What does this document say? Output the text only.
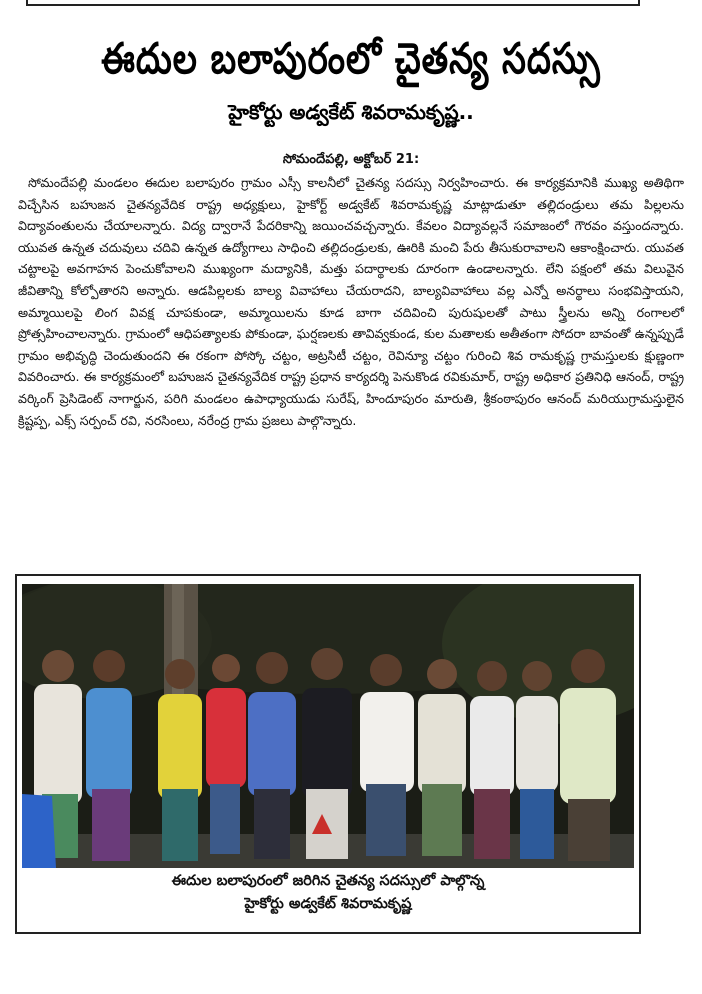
ఈదుల బలాపురంలో చైతన్య సదస్సు
హైకోర్టు అడ్వకేట్ శివరామకృష్ణ..
సోమందేపల్లి, అక్టోబర్ 21:
సోమందేపల్లి మండలం ఈదుల బలాపురం గ్రామం ఎస్సీ కాలనీలో చైతన్య సదస్సు నిర్వహించారు. ఈ కార్యక్రమానికి ముఖ్య అతిథిగా విచ్చేసిన బహుజన చైతన్యవేదిక రాష్ట్ర అధ్యక్షులు, హైకోర్ట్ అడ్వకేట్ శివరామకృష్ణ మాట్లాడుతూ తల్లిదండ్రులు తమ పిల్లలను విద్యావంతులను చేయాలన్నారు. విద్య ద్వారానే పేదరికాన్ని జయించవచ్చన్నారు. కేవలం విద్యావల్లనే సమాజంలో గౌరవం వస్తుందన్నారు. యువత ఉన్నత చదువులు చదివి ఉన్నత ఉద్యోగాలు సాధించి తల్లిదండ్రులకు, ఊరికి మంచి పేరు తీసుకురావాలని ఆకాంక్షించారు. యువత చట్టాలపై అవగాహన పెంచుకోవాలని ముఖ్యంగా మద్యానికి, మత్తు పదార్థాలకు దూరంగా ఉండాలన్నారు. లేని పక్షంలో తమ విలువైన జీవితాన్ని కోల్పోతారని అన్నారు. ఆడపిల్లలకు బాల్య వివాహాలు చేయరాదని, బాల్యవివాహాలు వల్ల ఎన్నో అనర్థాలు సంభవిస్తాయని, అమ్మాయిలపై లింగ వివక్ష చూపకుండా, అమ్మాయిలను కూడ బాగా చదివించి పురుషులతో పాటు స్త్రీలను అన్ని రంగాలలో ప్రోత్సహించాలన్నారు. గ్రామంలో ఆధిపత్యాలకు పోకుండా, ఘర్షణలకు తావివ్వకుండ, కుల మతాలకు అతీతంగా సోదరా బావంతో ఉన్నప్పుడే గ్రామం అభివృద్ధి చెందుతుందని ఈ రకంగా పోస్కో చట్టం, అట్రసిటీ చట్టం, రెవిన్యూ చట్టం గురించి శివ రామకృష్ణ గ్రామస్తులకు క్షుణ్ణంగా వివరించారు. ఈ కార్యక్రమంలో బహుజన చైతన్యవేదిక రాష్ట్ర ప్రధాన కార్యదర్శి పెనుకొండ రవికుమార్, రాష్ట్ర అధికార ప్రతినిధి ఆనంద్, రాష్ట్ర వర్కింగ్ ప్రెసిడెంట్ నాగార్జున, పరిగి మండలం ఉపాధ్యాయుడు సురేష్, హిందూపురం మారుతి, శ్రీకంఠాపురం ఆనంద్ మరియుగ్రామస్తులైన క్రిష్టప్ప, ఎక్స్ సర్పంచ్ రవి, నరసింలు, నరేంద్ర గ్రామ ప్రజలు పాల్గొన్నారు.
ఈదుల బలాపురంలో జరిగిన చైతన్య సదస్సులో పాల్గొన్న
హైకోర్టు అడ్వకేట్ శివరామకృష్ణ
